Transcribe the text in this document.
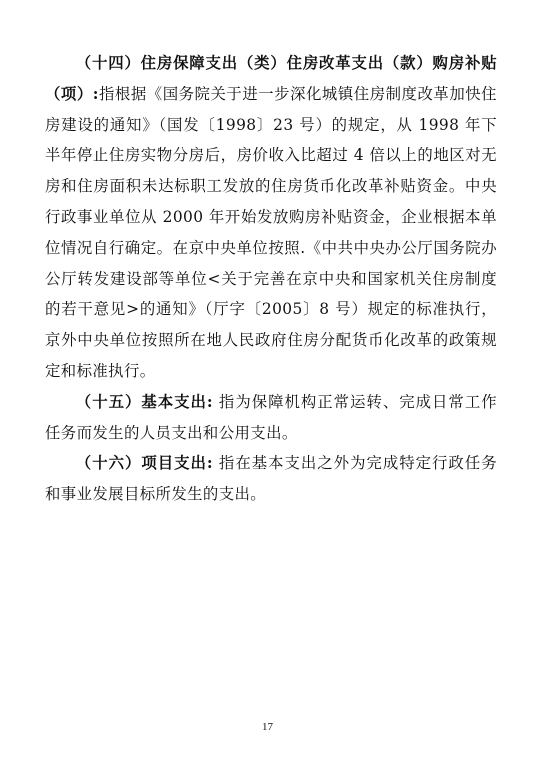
（十四）住房保障支出（类）住房改革支出（款）购房补贴（项）:指根据《国务院关于进一步深化城镇住房制度改革加快住房建设的通知》（国发〔1998〕23 号）的规定，从 1998 年下半年停止住房实物分房后，房价收入比超过 4 倍以上的地区对无房和住房面积未达标职工发放的住房货币化改革补贴资金。中央行政事业单位从 2000 年开始发放购房补贴资金，企业根据本单位情况自行确定。在京中央单位按照.《中共中央办公厅国务院办公厅转发建设部等单位<关于完善在京中央和国家机关住房制度的若干意见>的通知》（厅字〔2005〕8 号）规定的标准执行，京外中央单位按照所在地人民政府住房分配货币化改革的政策规定和标准执行。

（十五）基本支出: 指为保障机构正常运转、完成日常工作任务而发生的人员支出和公用支出。

（十六）项目支出: 指在基本支出之外为完成特定行政任务和事业发展目标所发生的支出。

17
